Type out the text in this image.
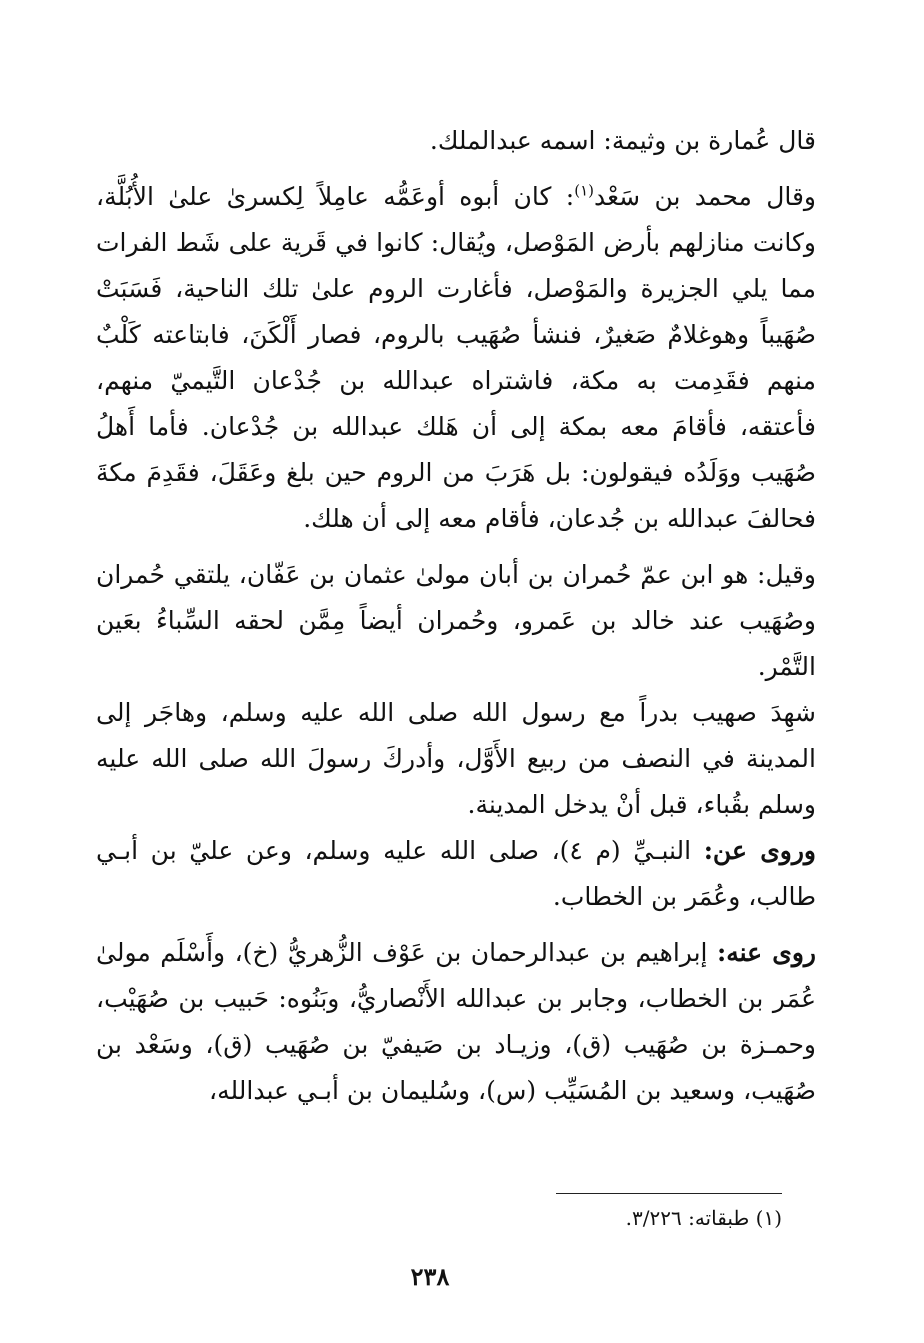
قال عُمارة بن وثيمة: اسمه عبدالملك.

وقال محمد بن سَعْد$^{(١)}$: كان أبوه أوعَمُّه عامِلاً لِكسرىٰ علىٰ الأُبُلَّة، وكانت منازلهم بأرض المَوْصل، ويُقال: كانوا في قَرية على شَط الفرات مما يلي الجزيرة والمَوْصل، فأغارت الروم علىٰ تلك الناحية، فَسَبَتْ صُهَيباً وهوغلامٌ صَغيرٌ، فنشأ صُهَيب بالروم، فصار أَلْكَنَ، فابتاعته كَلْبٌ منهم فقَدِمت به مكة، فاشتراه عبدالله بن جُدْعان التَّيميّ منهم، فأعتقه، فأقامَ معه بمكة إلى أن هَلك عبدالله بن جُدْعان. فأما أَهلُ صُهَيب ووَلَدُه فيقولون: بل هَرَبَ من الروم حين بلغ وعَقَلَ، فقَدِمَ مكةَ فحالفَ عبدالله بن جُدعان، فأقام معه إلى أن هلك.

وقيل: هو ابن عمّ حُمران بن أبان مولىٰ عثمان بن عَفّان، يلتقي حُمران وصُهَيب عند خالد بن عَمرو، وحُمران أيضاً مِمَّن لحقه السِّباءُ بعَين التَّمْر.

شهِدَ صهيب بدراً مع رسول الله صلى الله عليه وسلم، وهاجَر إلى المدينة في النصف من ربيع الأَوَّل، وأدركَ رسولَ الله صلى الله عليه وسلم بقُباء، قبل أنْ يدخل المدينة.

وروى عن: النبـيِّ (م ٤)، صلى الله عليه وسلم، وعن عليّ بن أبـي طالب، وعُمَر بن الخطاب.

روى عنه: إبراهيم بن عبدالرحمان بن عَوْف الزُّهريُّ (خ)، وأَسْلَم مولىٰ عُمَر بن الخطاب، وجابر بن عبدالله الأَنْصاريُّ، وبَنُوه: حَبيب بن صُهَيْب، وحمـزة بن صُهَيب (ق)، وزيـاد بن صَيفيّ بن صُهَيب (ق)، وسَعْد بن صُهَيب، وسعيد بن المُسَيِّب (س)، وسُليمان بن أبـي عبدالله،

(١) طبقاته: ٣/٢٢٦.
٢٣٨
